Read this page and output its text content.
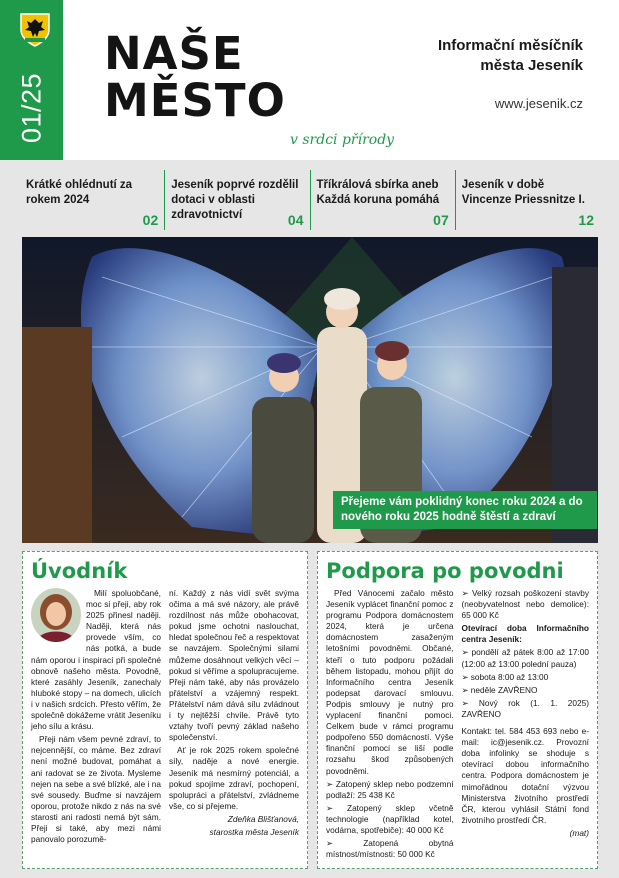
01/25
NAŠE
MĚSTO
v srdci přírody
Informační měsíčník
města Jeseník
www.jesenik.cz
Krátké ohlédnutí za rokem 2024
02
Jeseník poprvé rozdělil dotaci v oblasti zdravotnictví	04
Tříkrálová sbírka aneb Každá koruna pomáhá
07
Jeseník v době Vincenze Priessnitze I.
12
Přejeme vám poklidný konec roku 2024 a do nového roku 2025 hodně štěstí a zdraví
Úvodník

Milí spoluobčané, moc si přeji, aby rok 2025 přinesl naději. Naději, která nás provede vším, co nás potká, a bude nám oporou i inspirací při společné obnově našeho města. Povodně, které zasáhly Jeseník, zanechaly hluboké stopy – na domech, ulicích i v našich srdcích. Přesto věřím, že společně dokážeme vrátit Jeseníku jeho sílu a krásu.

Přeji nám všem pevné zdraví, to nejcennější, co máme. Bez zdraví není možné budovat, pomáhat a ani radovat se ze života. Mysleme nejen na sebe a své blízké, ale i na své sousedy. Buďme si navzájem oporou, protože nikdo z nás na své starosti ani radosti nemá být sám. Přeji si také, aby mezi námi panovalo porozumě-

ní. Každý z nás vidí svět svýma očima a má své názory, ale právě rozdílnost nás může obohacovat, pokud jsme ochotni naslouchat, hledat společnou řeč a respektovat se navzájem. Společnými silami můžeme dosáhnout velkých věcí – pokud si věříme a spolupracujeme. Přeji nám také, aby nás provázelo přátelství a vzájemný respekt. Přátelství nám dává sílu zvládnout i ty nejtěžší chvíle. Právě tyto vztahy tvoří pevný základ našeho společenství.

Ať je rok 2025 rokem společné síly, naděje a nové energie. Jeseník má nesmírný potenciál, a pokud spojíme zdraví, pochopení, spolupráci a přátelství, zvládneme vše, co si přejeme.

Zdeňka Blišťanová,

starostka města Jeseník

Podpora po povodni

Před Vánocemi začalo město Jeseník vyplácet finanční pomoc z programu Podpora domácnostem 2024, která je určena domácnostem zasaženým letošními povodněmi. Občané, kteří o tuto podporu požádali během listopadu, mohou přijít do Informačního centra Jeseník podepsat darovací smlouvu. Podpis smlouvy je nutný pro vyplacení finanční pomoci. Celkem bude v rámci programu podpořeno 550 domácností. Výše finanční pomoci se liší podle rozsahu škod způsobených povodněmi.

➢ Zatopený sklep nebo podzemní podlaží: 25 438 Kč

➢ Zatopený sklep včetně technologie (například kotel, vodárna, spotřebiče): 40 000 Kč

➢ Zatopená obytná místnost/místnosti: 50 000 Kč

➢ Velký rozsah poškození stavby (neobyvatelnost nebo demolice): 65 000 Kč

Otevírací doba Informačního centra Jeseník:

➢ pondělí až pátek 8:00 až 17:00 (12:00 až 13:00 polední pauza)

➢ sobota 8:00 až 13:00

➢ neděle ZAVŘENO

➢ Nový rok (1. 1. 2025) ZAVŘENO

Kontakt: tel. 584 453 693 nebo e-mail: ic@jesenik.cz. Provozní doba infolinky se shoduje s otevírací dobou informačního centra. Podpora domácnostem je mimořádnou dotační výzvou Ministerstva životního prostředí ČR, kterou vyhlásil Státní fond životního prostředí ČR.

(mat)
